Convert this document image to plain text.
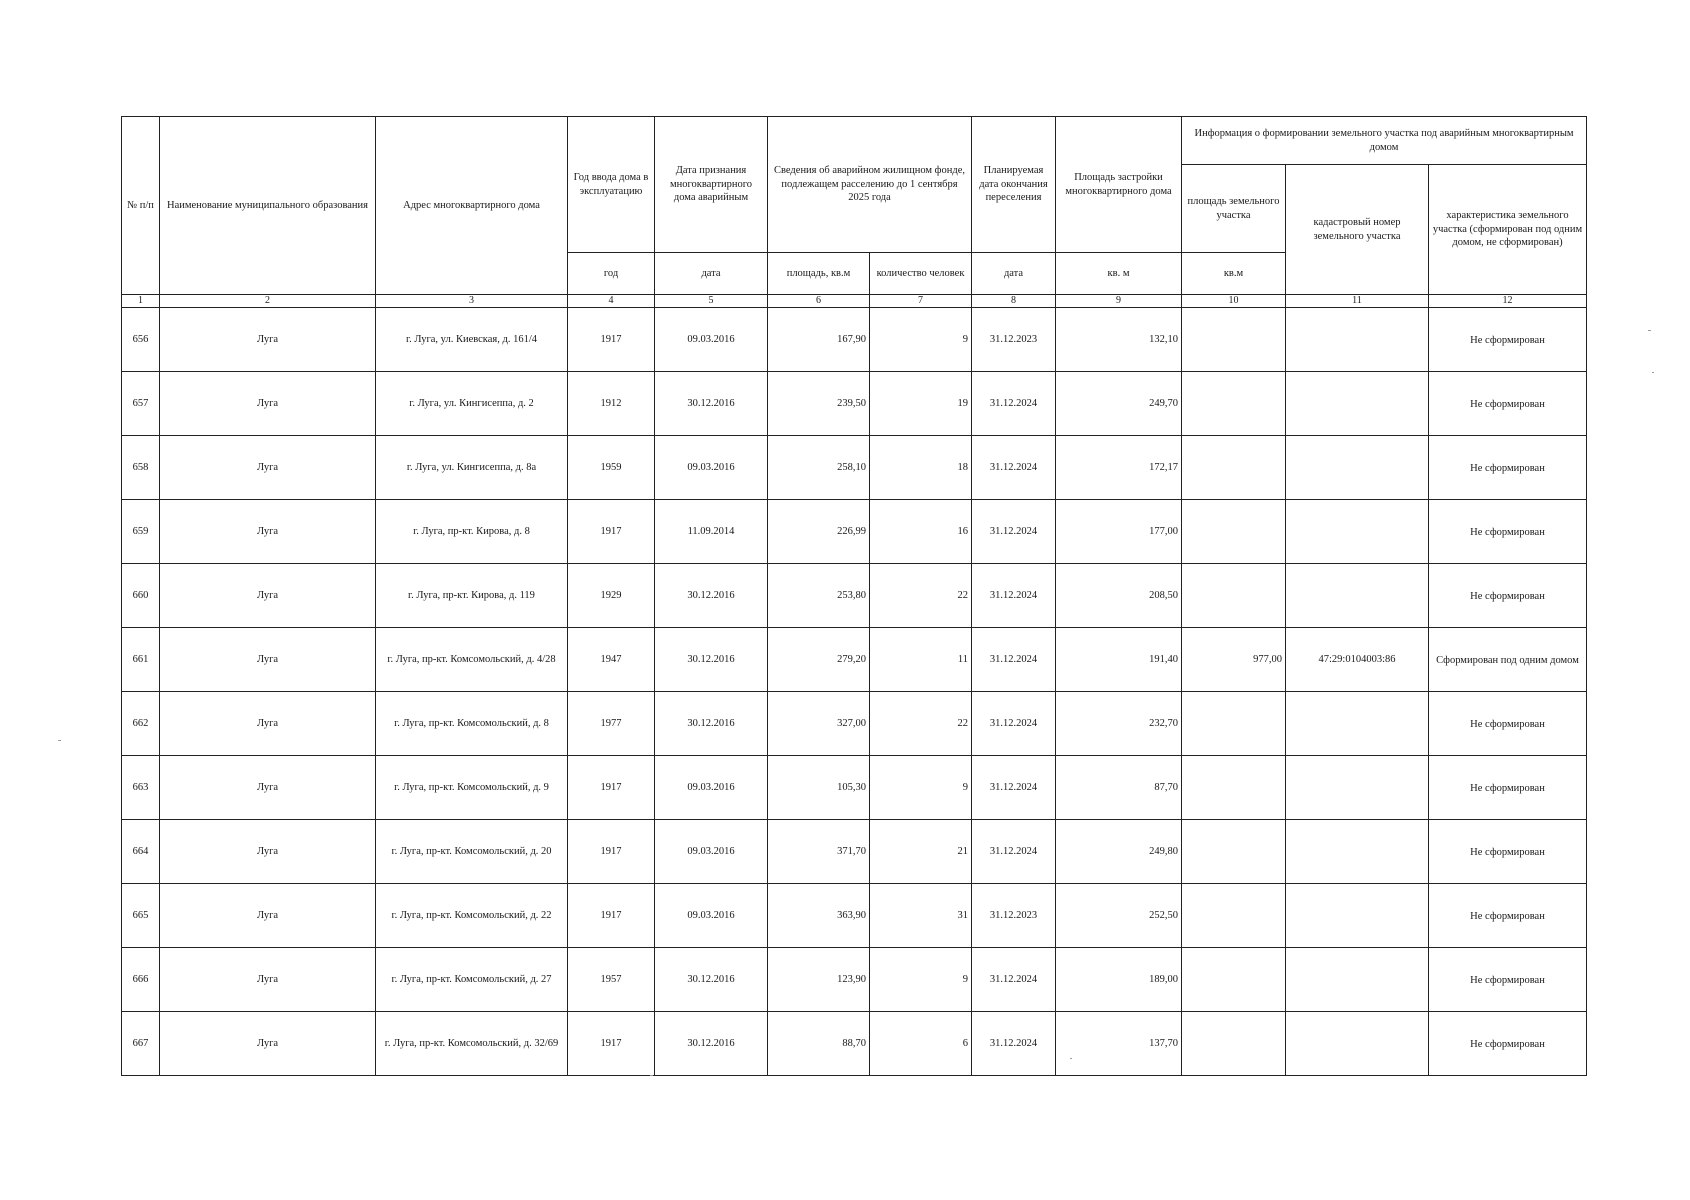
№ п/п	Наименование муниципального образования	Адрес многоквартирного дома	Год ввода дома в эксплуатацию	Дата признания многоквартирного дома аварийным	Сведения об аварийном жилищном фонде, подлежащем расселению до 1 сентября 2025 года		Планируемая дата окончания переселения	Площадь застройки многоквартирного дома	Информация о формировании земельного участка под аварийным многоквартирным домом		
									площадь земельного участка	кадастровый номер земельного участка	характеристика земельного участка (сформирован под одним домом, не сформирован)
			год	дата	площадь, кв.м	количество человек	дата	кв. м	кв.м		
1	2	3	4	5	6	7	8	9	10	11	12
656	Луга	г. Луга, ул. Киевская, д. 161/4	1917	09.03.2016	167,90	9	31.12.2023	132,10			Не сформирован
657	Луга	г. Луга, ул. Кингисеппа, д. 2	1912	30.12.2016	239,50	19	31.12.2024	249,70			Не сформирован
658	Луга	г. Луга, ул. Кингисеппа, д. 8а	1959	09.03.2016	258,10	18	31.12.2024	172,17			Не сформирован
659	Луга	г. Луга, пр-кт. Кирова, д. 8	1917	11.09.2014	226,99	16	31.12.2024	177,00			Не сформирован
660	Луга	г. Луга, пр-кт. Кирова, д. 119	1929	30.12.2016	253,80	22	31.12.2024	208,50			Не сформирован
661	Луга	г. Луга, пр-кт. Комсомольский, д. 4/28	1947	30.12.2016	279,20	11	31.12.2024	191,40	977,00	47:29:0104003:86	Сформирован под одним домом
662	Луга	г. Луга, пр-кт. Комсомольский, д. 8	1977	30.12.2016	327,00	22	31.12.2024	232,70			Не сформирован
663	Луга	г. Луга, пр-кт. Комсомольский, д. 9	1917	09.03.2016	105,30	9	31.12.2024	87,70			Не сформирован
664	Луга	г. Луга, пр-кт. Комсомольский, д. 20	1917	09.03.2016	371,70	21	31.12.2024	249,80			Не сформирован
665	Луга	г. Луга, пр-кт. Комсомольский, д. 22	1917	09.03.2016	363,90	31	31.12.2023	252,50			Не сформирован
666	Луга	г. Луга, пр-кт. Комсомольский, д. 27	1957	30.12.2016	123,90	9	31.12.2024	189,00			Не сформирован
667	Луга	г. Луга, пр-кт. Комсомольский, д. 32/69	1917	30.12.2016	88,70	6	31.12.2024	137,70			Не сформирован
